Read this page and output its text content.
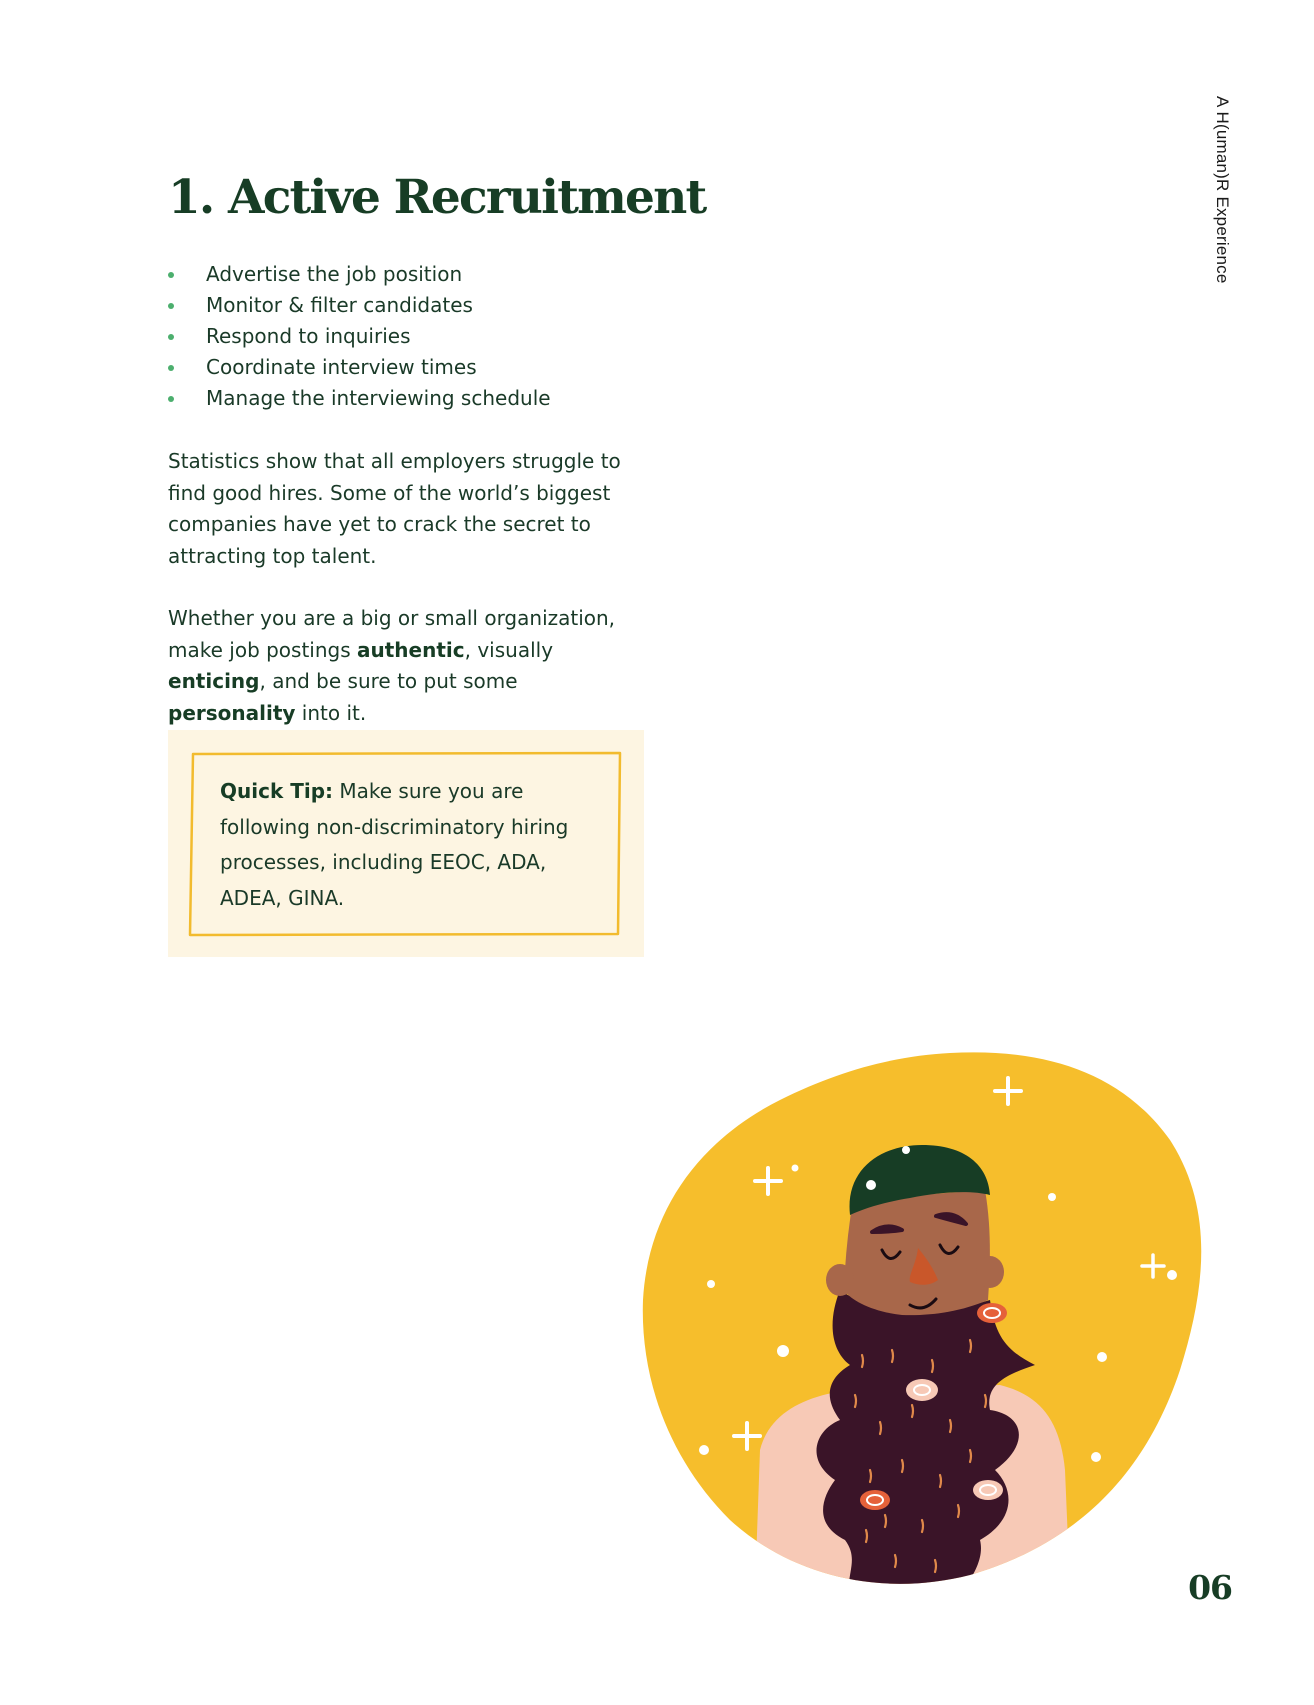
A H(uman)R Experience
1. Active Recruitment
Advertise the job position
Monitor & filter candidates
Respond to inquiries
Coordinate interview times
Manage the interviewing schedule

Statistics show that all employers struggle to find good hires. Some of the world’s biggest companies have yet to crack the secret to attracting top talent.

Whether you are a big or small organization, make job postings authentic, visually enticing, and be sure to put some personality into it.

Quick Tip: Make sure you are following non-discriminatory hiring processes, including EEOC, ADA, ADEA, GINA.

06
